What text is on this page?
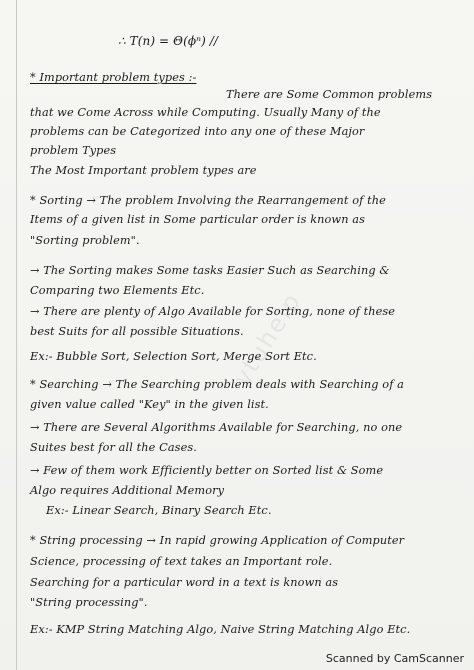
vtuhelp
∴ T(n) = Θ(ϕⁿ) //
* Important problem types :-
There are Some Common problems
that we Come Across while Computing. Usually Many of the
problems can be Categorized into any one of these Major
problem Types
The Most Important problem types are
* Sorting → The problem Involving the Rearrangement of the
Items of a given list in Some particular order is known as
"Sorting problem".
→ The Sorting makes Some tasks Easier Such as Searching &
Comparing two Elements Etc.
→ There are plenty of Algo Available for Sorting, none of these
best Suits for all possible Situations.
Ex:- Bubble Sort, Selection Sort, Merge Sort Etc.
* Searching → The Searching problem deals with Searching of a
given value called "Key" in the given list.
→ There are Several Algorithms Available for Searching, no one
Suites best for all the Cases.
→ Few of them work Efficiently better on Sorted list & Some
Algo requires Additional Memory
Ex:- Linear Search, Binary Search Etc.
* String processing → In rapid growing Application of Computer
Science, processing of text takes an Important role.
Searching for a particular word in a text is known as
"String processing".
Ex:- KMP String Matching Algo, Naive String Matching Algo Etc.
Scanned by CamScanner
